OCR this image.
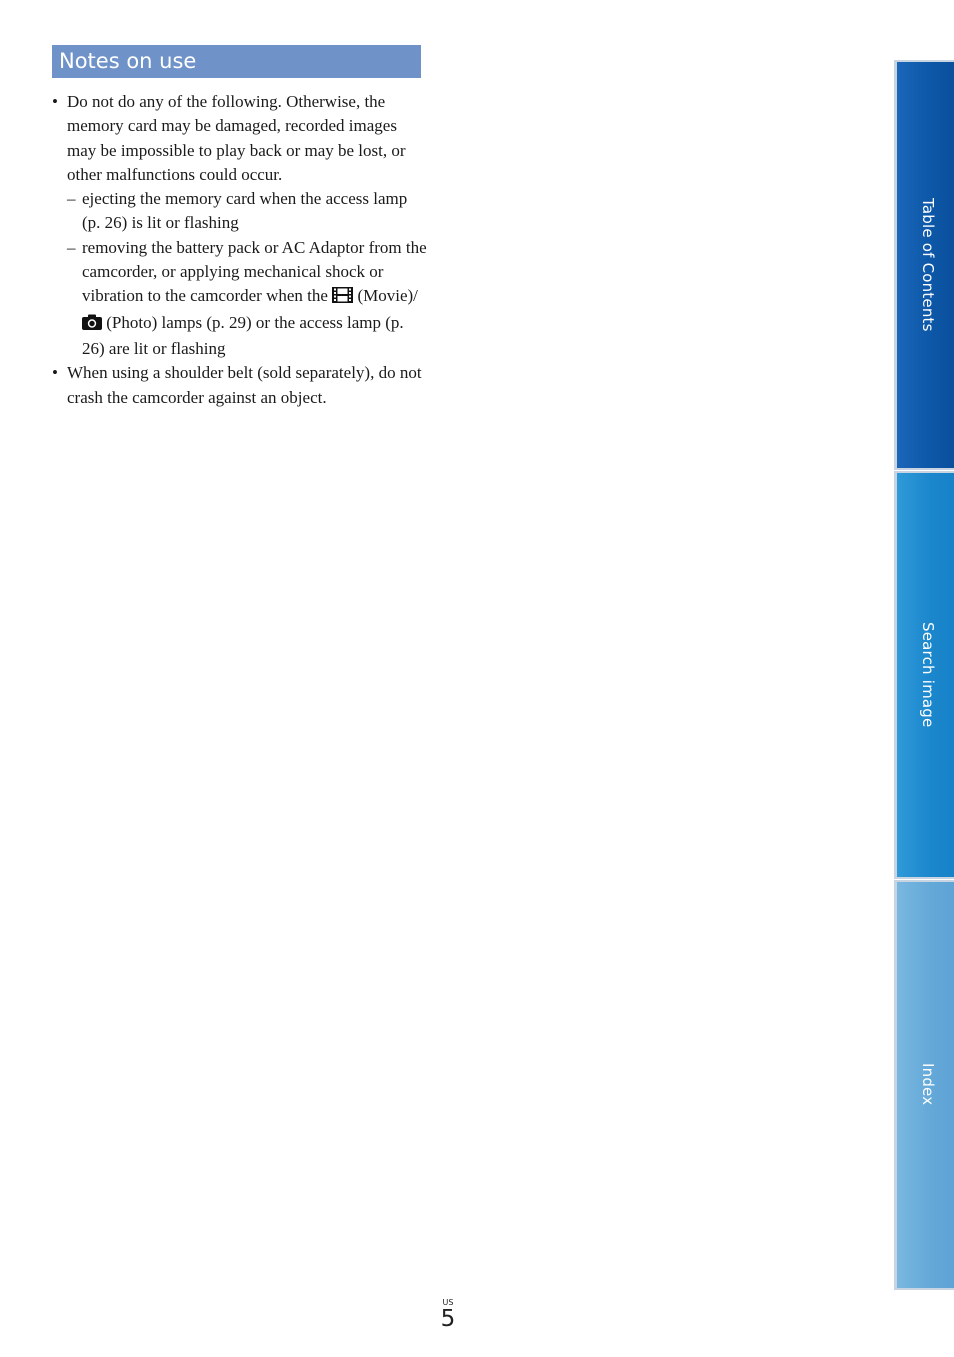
Notes on use
• Do not do any of the following. Otherwise, the memory card may be damaged, recorded images may be impossible to play back or may be lost, or other malfunctions could occur.
– ejecting the memory card when the access lamp (p. 26) is lit or flashing
– removing the battery pack or AC Adaptor from the camcorder, or applying mechanical shock or vibration to the camcorder when the  (Movie)/ (Photo) lamps (p. 29) or the access lamp (p. 26) are lit or flashing
• When using a shoulder belt (sold separately), do not crash the camcorder against an object.
Table of Contents
Search image
Index
US
5
